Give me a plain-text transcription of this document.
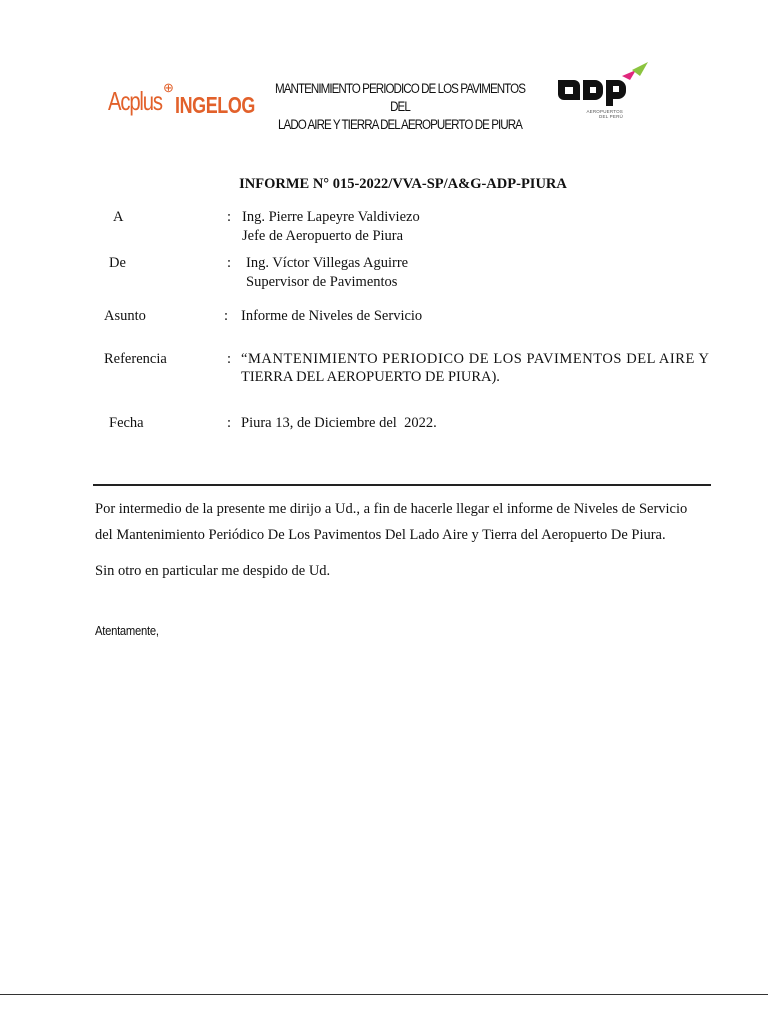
Acplus ⊕
INGELOG
MANTENIMIENTO PERIODICO DE LOS PAVIMENTOS DEL
LADO AIRE Y TIERRA DEL AEROPUERTO DE PIURA
AEROPUERTOS
DEL PERÚ
INFORME N° 015-2022/VVA-SP/A&G-ADP-PIURA
A	: Ing. Pierre Lapeyre Valdiviezo
Jefe de Aeropuerto de Piura
De	: Ing. Víctor Villegas Aguirre
Supervisor de Pavimentos
Asunto	: Informe de Niveles de Servicio
Referencia	: “MANTENIMIENTO PERIODICO DE LOS PAVIMENTOS DEL AIRE Y
TIERRA DEL AEROPUERTO DE PIURA).
Fecha	: Piura 13, de Diciembre del  2022.
Por intermedio de la presente me dirijo a Ud., a fin de hacerle llegar el informe de Niveles de Servicio
del Mantenimiento Periódico De Los Pavimentos Del Lado Aire y Tierra del Aeropuerto De Piura.
Sin otro en particular me despido de Ud.
Atentamente,
